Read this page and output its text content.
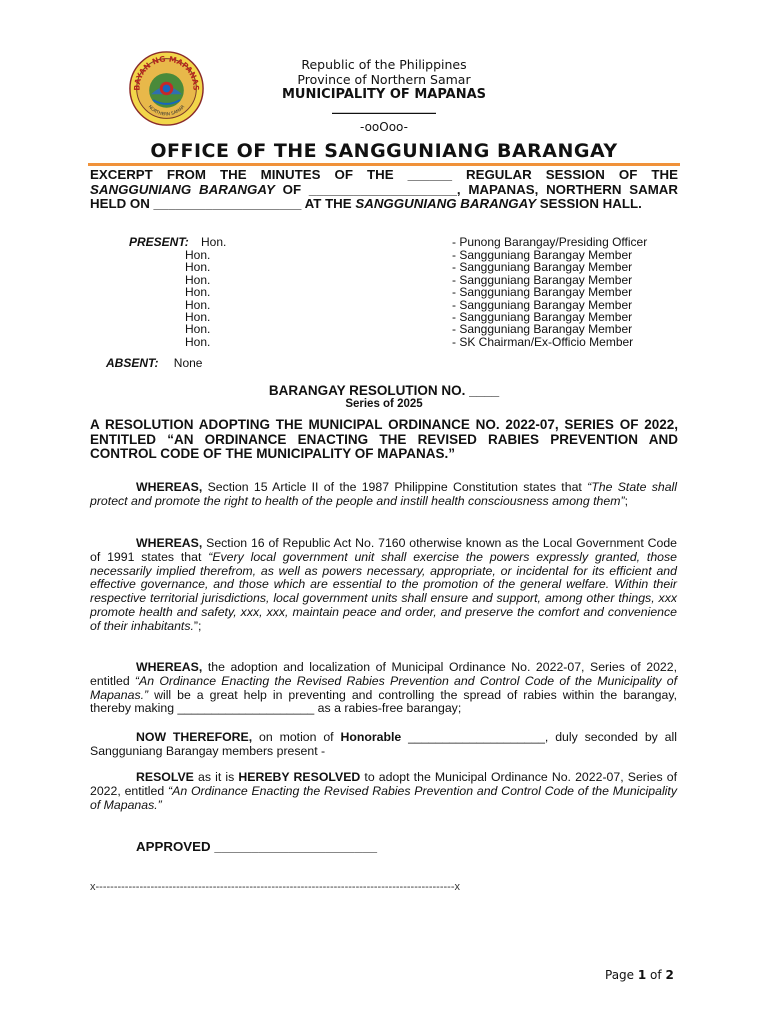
BAYAN NG MAPANAS
NORTHERN SAMAR
Republic of the Philippines
Province of Northern Samar
MUNICIPALITY OF MAPANAS
________________
-ooOoo-
OFFICE OF THE SANGGUNIANG BARANGAY
EXCERPT FROM THE MINUTES OF THE ______ REGULAR SESSION OF THE SANGGUNIANG BARANGAY OF ____________________, MAPANAS, NORTHERN SAMAR HELD ON ____________________ AT THE SANGGUNIANG BARANGAY SESSION HALL.
PRESENT: Hon.	- Punong Barangay/Presiding Officer
Hon.	- Sangguniang Barangay Member
Hon.	- Sangguniang Barangay Member
Hon.	- Sangguniang Barangay Member
Hon.	- Sangguniang Barangay Member
Hon.	- Sangguniang Barangay Member
Hon.	- Sangguniang Barangay Member
Hon.	- Sangguniang Barangay Member
Hon.	- SK Chairman/Ex-Officio Member
ABSENT: None
BARANGAY RESOLUTION NO. ____
Series of 2025
A RESOLUTION ADOPTING THE MUNICIPAL ORDINANCE NO. 2022-07, SERIES OF 2022, ENTITLED “AN ORDINANCE ENACTING THE REVISED RABIES PREVENTION AND CONTROL CODE OF THE MUNICIPALITY OF MAPANAS.”
WHEREAS, Section 15 Article II of the 1987 Philippine Constitution states that “The State shall protect and promote the right to health of the people and instill health consciousness among them”;
WHEREAS, Section 16 of Republic Act No. 7160 otherwise known as the Local Government Code of 1991 states that “Every local government unit shall exercise the powers expressly granted, those necessarily implied therefrom, as well as powers necessary, appropriate, or incidental for its efficient and effective governance, and those which are essential to the promotion of the general welfare. Within their respective territorial jurisdictions, local government units shall ensure and support, among other things, xxx promote health and safety, xxx, xxx, maintain peace and order, and preserve the comfort and convenience of their inhabitants.”;
WHEREAS, the adoption and localization of Municipal Ordinance No. 2022-07, Series of 2022, entitled “An Ordinance Enacting the Revised Rabies Prevention and Control Code of the Municipality of Mapanas.” will be a great help in preventing and controlling the spread of rabies within the barangay, thereby making ____________________ as a rabies-free barangay;
NOW THEREFORE, on motion of Honorable ____________________, duly seconded by all Sangguniang Barangay members present -
RESOLVE as it is HEREBY RESOLVED to adopt the Municipal Ordinance No. 2022-07, Series of 2022, entitled “An Ordinance Enacting the Revised Rabies Prevention and Control Code of the Municipality of Mapanas.”
APPROVED ______________________
x--------------------------------------------------------------------------------------------------x
Page 1 of 2
